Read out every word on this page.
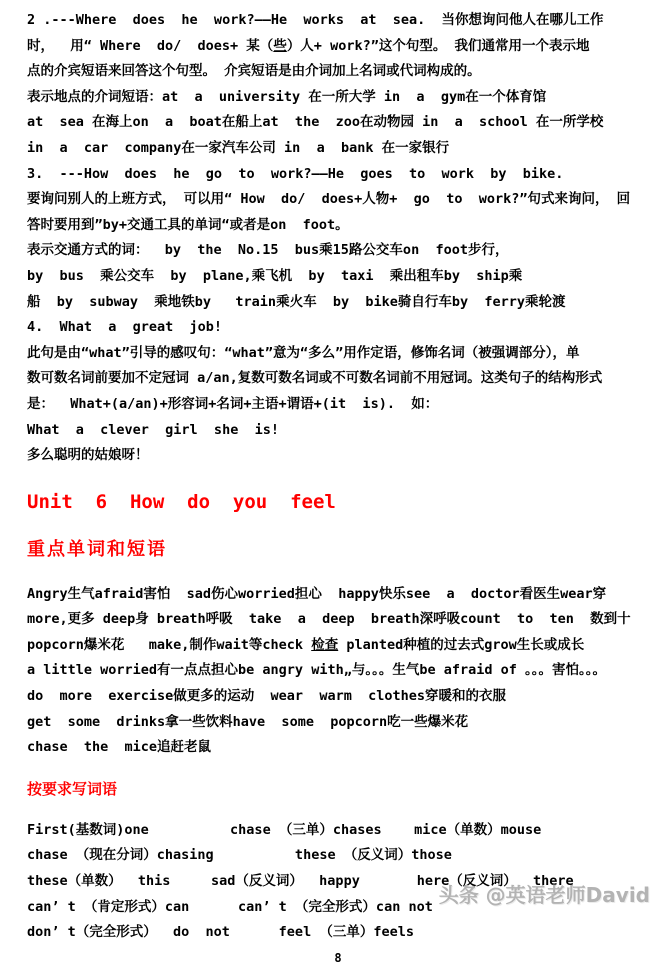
2 .---Where  does  he  work?——He  works  at  sea.  当你想询问他人在哪儿工作

时，  用“ Where  do/  does+ 某（些）人+ work?”这个句型。 我们通常用一个表示地

点的介宾短语来回答这个句型。 介宾短语是由介词加上名词或代词构成的。

表示地点的介词短语：at  a  university 在一所大学 in  a  gym在一个体育馆

at  sea 在海上on  a  boat在船上at  the  zoo在动物园 in  a  school 在一所学校

in  a  car  company在一家汽车公司 in  a  bank 在一家银行

3.  ---How  does  he  go  to  work?——He  goes  to  work  by  bike.

要询问别人的上班方式， 可以用“ How  do/  does+人物+  go  to  work?”句式来询问， 回

答时要用到”by+交通工具的单词“或者是on  foot。

表示交通方式的词：  by  the  No.15  bus乘15路公交车on  foot步行，

by  bus  乘公交车  by  plane,乘飞机  by  taxi  乘出租车by  ship乘

船  by  subway  乘地铁by   train乘火车  by  bike骑自行车by  ferry乘轮渡

4.  What  a  great  job!

此句是由“what”引导的感叹句：“what”意为“多么”用作定语，修饰名词（被强调部分），单

数可数名词前要加不定冠词 a/an,复数可数名词或不可数名词前不用冠词。这类句子的结构形式

是：  What+(a/an)+形容词+名词+主语+谓语+(it  is).  如：

What  a  clever  girl  she  is!

多么聪明的姑娘呀！

Unit  6  How  do  you  feel

重点单词和短语

Angry生气afraid害怕  sad伤心worried担心  happy快乐see  a  doctor看医生wear穿

more,更多 deep身 breath呼吸  take  a  deep  breath深呼吸count  to  ten  数到十

popcorn爆米花   make,制作wait等check 检查 planted种植的过去式grow生长或成长

a little worried有一点点担心be angry with„与。。。生气be afraid of 。。。害怕。。。

do  more  exercise做更多的运动  wear  warm  clothes穿暖和的衣服

get  some  drinks拿一些饮料have  some  popcorn吃一些爆米花

chase  the  mice追赶老鼠

按要求写词语

First(基数词)one          chase （三单）chases    mice（单数）mouse

chase （现在分词）chasing          these （反义词）those

these（单数）  this     sad（反义词）  happy       here（反义词）  there

can’ t （肯定形式）can      can’ t （完全形式）can not

don’ t（完全形式）  do  not      feel （三单）feels

8

头条 @英语老师David
